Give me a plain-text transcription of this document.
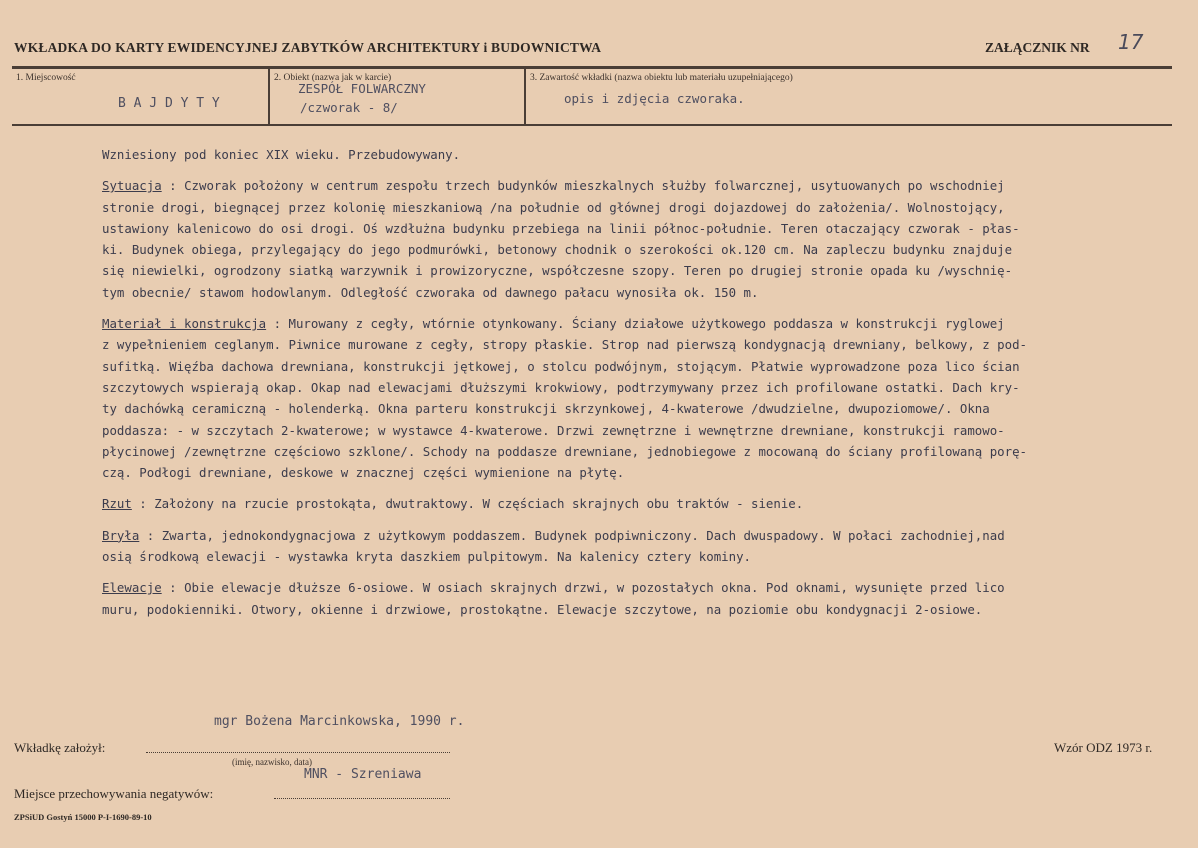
WKŁADKA DO KARTY EWIDENCYJNEJ ZABYTKÓW ARCHITEKTURY i BUDOWNICTWA	ZAŁĄCZNIK NR 17
1. Miejscowość
B A J D Y T Y
2. Obiekt (nazwa jak w karcie)
ZESPÓŁ FOLWARCZNY
/czworak - 8/
3. Zawartość wkładki (nazwa obiektu lub materiału uzupełniającego)
opis i zdjęcia czworaka.

Wzniesiony pod koniec XIX wieku. Przebudowywany.

Sytuacja : Czworak położony w centrum zespołu trzech budynków mieszkalnych służby folwarcznej, usytuowanych po wschodniej
stronie drogi, biegnącej przez kolonię mieszkaniową /na południe od głównej drogi dojazdowej do założenia/. Wolnostojący,
ustawiony kalenicowo do osi drogi. Oś wzdłużna budynku przebiega na linii północ-południe. Teren otaczający czworak - płas-
ki. Budynek obiega, przylegający do jego podmurówki, betonowy chodnik o szerokości ok.120 cm. Na zapleczu budynku znajduje
się niewielki, ogrodzony siatką warzywnik i prowizoryczne, współczesne szopy. Teren po drugiej stronie opada ku /wyschnię-
tym obecnie/ stawom hodowlanym. Odległość czworaka od dawnego pałacu wynosiła ok. 150 m.

Materiał i konstrukcja : Murowany z cegły, wtórnie otynkowany. Ściany działowe użytkowego poddasza w konstrukcji ryglowej
z wypełnieniem ceglanym. Piwnice murowane z cegły, stropy płaskie. Strop nad pierwszą kondygnacją drewniany, belkowy, z pod-
sufitką. Więźba dachowa drewniana, konstrukcji jętkowej, o stolcu podwójnym, stojącym. Płatwie wyprowadzone poza lico ścian
szczytowych wspierają okap. Okap nad elewacjami dłuższymi krokwiowy, podtrzymywany przez ich profilowane ostatki. Dach kry-
ty dachówką ceramiczną - holenderką. Okna parteru konstrukcji skrzynkowej, 4-kwaterowe /dwudzielne, dwupoziomowe/. Okna
poddasza: - w szczytach 2-kwaterowe; w wystawce 4-kwaterowe. Drzwi zewnętrzne i wewnętrzne drewniane, konstrukcji ramowo-
płycinowej /zewnętrzne częściowo szklone/. Schody na poddasze drewniane, jednobiegowe z mocowaną do ściany profilowaną porę-
czą. Podłogi drewniane, deskowe w znacznej części wymienione na płytę.

Rzut : Założony na rzucie prostokąta, dwutraktowy. W częściach skrajnych obu traktów - sienie.

Bryła : Zwarta, jednokondygnacjowa z użytkowym poddaszem. Budynek podpiwniczony. Dach dwuspadowy. W połaci zachodniej,nad
osią środkową elewacji - wystawka kryta daszkiem pulpitowym. Na kalenicy cztery kominy.

Elewacje : Obie elewacje dłuższe 6-osiowe. W osiach skrajnych drzwi, w pozostałych okna. Pod oknami, wysunięte przed lico
muru, podokienniki. Otwory, okienne i drzwiowe, prostokątne. Elewacje szczytowe, na poziomie obu kondygnacji 2-osiowe.

mgr Bożena Marcinkowska, 1990 r.
Wkładkę założył:
(imię, nazwisko, data)
Wzór ODZ 1973 r.
MNR - Szreniawa
Miejsce przechowywania negatywów:
ZPSiUD Gostyń 15000 P-I-1690-89-10
